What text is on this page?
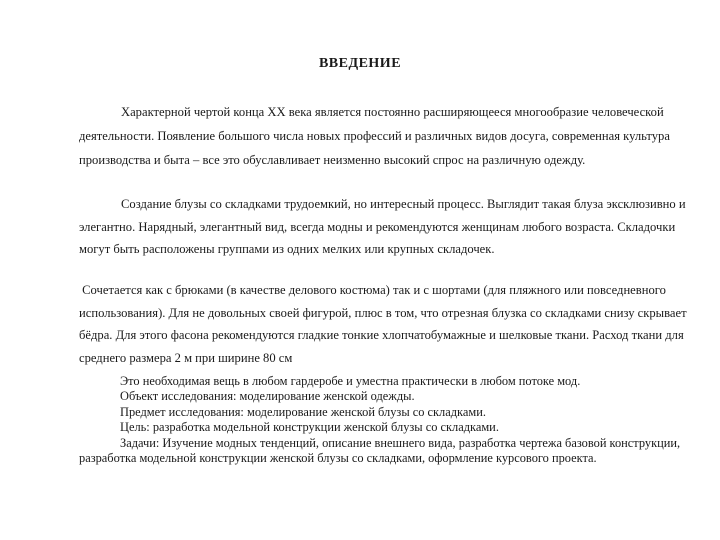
ВВЕДЕНИЕ

Характерной чертой конца XX века является постоянно расширяющееся многообразие человеческой деятельности. Появление большого числа новых профессий и различных видов досуга, современная культура производства и быта – все это обуславливает неизменно высокий спрос на различную одежду.

Создание блузы со складками трудоемкий, но интересный процесс. Выглядит такая блуза эксклюзивно и элегантно. Нарядный, элегантный вид, всегда модны и рекомендуются женщинам любого возраста. Складочки могут быть расположены группами из одних мелких или крупных складочек.

Сочетается как с брюками (в качестве делового костюма) так и с шортами (для пляжного или повседневного использования). Для не довольных своей фигурой, плюс в том, что отрезная блузка со складками снизу скрывает бёдра. Для этого фасона рекомендуются гладкие тонкие хлопчатобумажные и шелковые ткани. Расход ткани для среднего размера 2 м при ширине 80 см

Это необходимая вещь в любом гардеробе и уместна практически в любом потоке мод.
Объект исследования: моделирование женской одежды.
Предмет исследования: моделирование женской блузы со складками.
Цель: разработка модельной конструкции женской блузы со складками.
Задачи: Изучение модных тенденций, описание внешнего вида, разработка чертежа базовой конструкции, разработка модельной конструкции женской блузы со складками, оформление курсового проекта.
